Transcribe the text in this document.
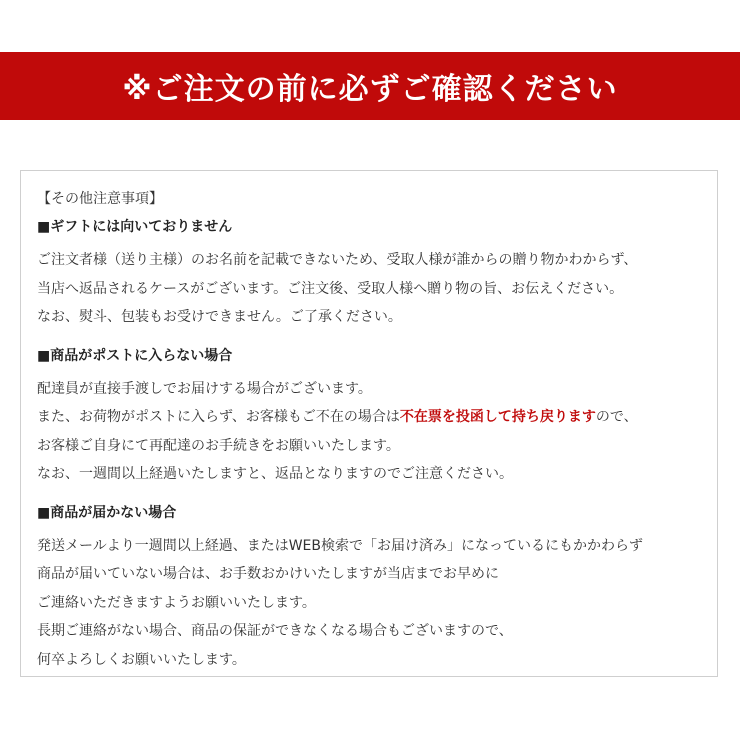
※ご注文の前に必ずご確認ください

【その他注意事項】

■ギフトには向いておりません

ご注文者様（送り主様）のお名前を記載できないため、受取人様が誰からの贈り物かわからず、

当店へ返品されるケースがございます。ご注文後、受取人様へ贈り物の旨、お伝えください。

なお、熨斗、包装もお受けできません。ご了承ください。

■商品がポストに入らない場合

配達員が直接手渡しでお届けする場合がございます。

また、お荷物がポストに入らず、お客様もご不在の場合は不在票を投函して持ち戻りますので、

お客様ご自身にて再配達のお手続きをお願いいたします。

なお、一週間以上経過いたしますと、返品となりますのでご注意ください。

■商品が届かない場合

発送メールより一週間以上経過、またはWEB検索で「お届け済み」になっているにもかかわらず

商品が届いていない場合は、お手数おかけいたしますが当店までお早めに

ご連絡いただきますようお願いいたします。

長期ご連絡がない場合、商品の保証ができなくなる場合もございますので、

何卒よろしくお願いいたします。
